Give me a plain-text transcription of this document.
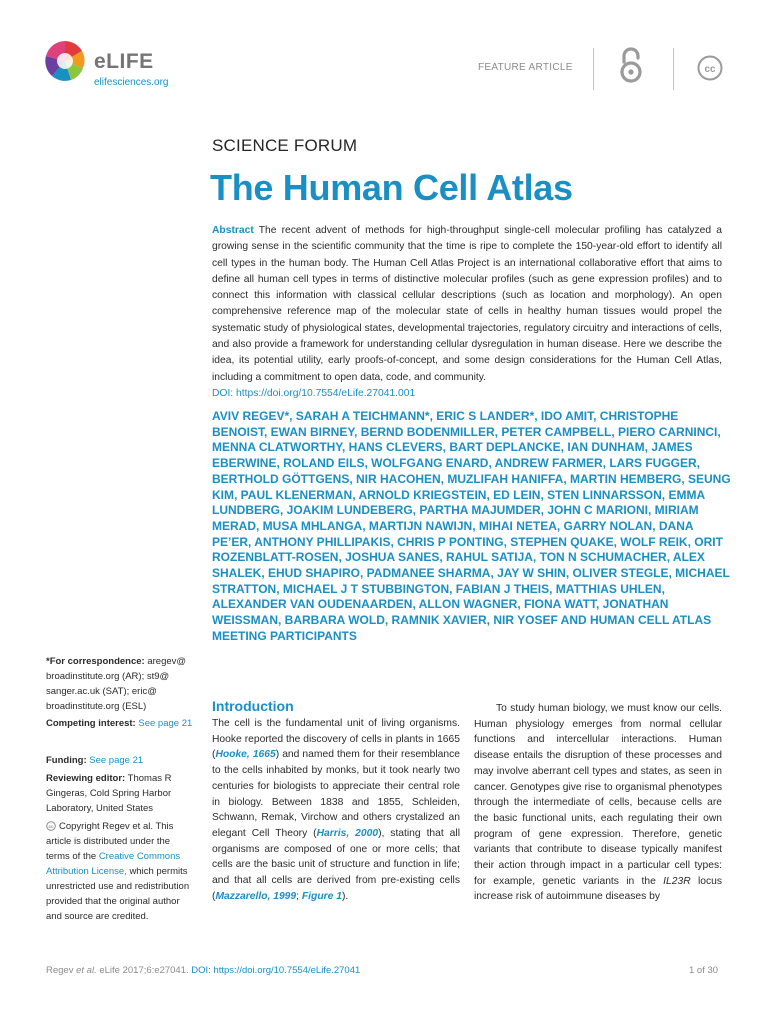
eLIFE
elifesciences.org
FEATURE ARTICLE	cc
SCIENCE FORUM
The Human Cell Atlas
Abstract The recent advent of methods for high-throughput single-cell molecular profiling has catalyzed a growing sense in the scientific community that the time is ripe to complete the 150-year-old effort to identify all cell types in the human body. The Human Cell Atlas Project is an international collaborative effort that aims to define all human cell types in terms of distinctive molecular profiles (such as gene expression profiles) and to connect this information with classical cellular descriptions (such as location and morphology). An open comprehensive reference map of the molecular state of cells in healthy human tissues would propel the systematic study of physiological states, developmental trajectories, regulatory circuitry and interactions of cells, and also provide a framework for understanding cellular dysregulation in human disease. Here we describe the idea, its potential utility, early proofs-of-concept, and some design considerations for the Human Cell Atlas, including a commitment to open data, code, and community.
DOI: https://doi.org/10.7554/eLife.27041.001
AVIV REGEV*, SARAH A TEICHMANN*, ERIC S LANDER*, IDO AMIT, CHRISTOPHE BENOIST, EWAN BIRNEY, BERND BODENMILLER, PETER CAMPBELL, PIERO CARNINCI, MENNA CLATWORTHY, HANS CLEVERS, BART DEPLANCKE, IAN DUNHAM, JAMES EBERWINE, ROLAND EILS, WOLFGANG ENARD, ANDREW FARMER, LARS FUGGER, BERTHOLD GÖTTGENS, NIR HACOHEN, MUZLIFAH HANIFFA, MARTIN HEMBERG, SEUNG KIM, PAUL KLENERMAN, ARNOLD KRIEGSTEIN, ED LEIN, STEN LINNARSSON, EMMA LUNDBERG, JOAKIM LUNDEBERG, PARTHA MAJUMDER, JOHN C MARIONI, MIRIAM MERAD, MUSA MHLANGA, MARTIJN NAWIJN, MIHAI NETEA, GARRY NOLAN, DANA PE’ER, ANTHONY PHILLIPAKIS, CHRIS P PONTING, STEPHEN QUAKE, WOLF REIK, ORIT ROZENBLATT-ROSEN, JOSHUA SANES, RAHUL SATIJA, TON N SCHUMACHER, ALEX SHALEK, EHUD SHAPIRO, PADMANEE SHARMA, JAY W SHIN, OLIVER STEGLE, MICHAEL STRATTON, MICHAEL J T STUBBINGTON, FABIAN J THEIS, MATTHIAS UHLEN, ALEXANDER VAN OUDENAARDEN, ALLON WAGNER, FIONA WATT, JONATHAN WEISSMAN, BARBARA WOLD, RAMNIK XAVIER, NIR YOSEF AND HUMAN CELL ATLAS MEETING PARTICIPANTS
*For correspondence: aregev@ broadinstitute.org (AR); st9@ sanger.ac.uk (SAT); eric@ broadinstitute.org (ESL)
Competing interest: See page 21
Funding: See page 21
Reviewing editor: Thomas R Gingeras, Cold Spring Harbor Laboratory, United States
cc Copyright Regev et al. This article is distributed under the terms of the Creative Commons Attribution License, which permits unrestricted use and redistribution provided that the original author and source are credited.
Introduction
The cell is the fundamental unit of living organisms. Hooke reported the discovery of cells in plants in 1665 (Hooke, 1665) and named them for their resemblance to the cells inhabited by monks, but it took nearly two centuries for biologists to appreciate their central role in biology. Between 1838 and 1855, Schleiden, Schwann, Remak, Virchow and others crystalized an elegant Cell Theory (Harris, 2000), stating that all organisms are composed of one or more cells; that cells are the basic unit of structure and function in life; and that all cells are derived from pre-existing cells (Mazzarello, 1999; Figure 1).
To study human biology, we must know our cells. Human physiology emerges from normal cellular functions and intercellular interactions. Human disease entails the disruption of these processes and may involve aberrant cell types and states, as seen in cancer. Genotypes give rise to organismal phenotypes through the intermediate of cells, because cells are the basic functional units, each regulating their own program of gene expression. Therefore, genetic variants that contribute to disease typically manifest their action through impact in a particular cell types: for example, genetic variants in the IL23R locus increase risk of autoimmune diseases by
Regev et al. eLife 2017;6:e27041. DOI: https://doi.org/10.7554/eLife.27041	1 of 30
